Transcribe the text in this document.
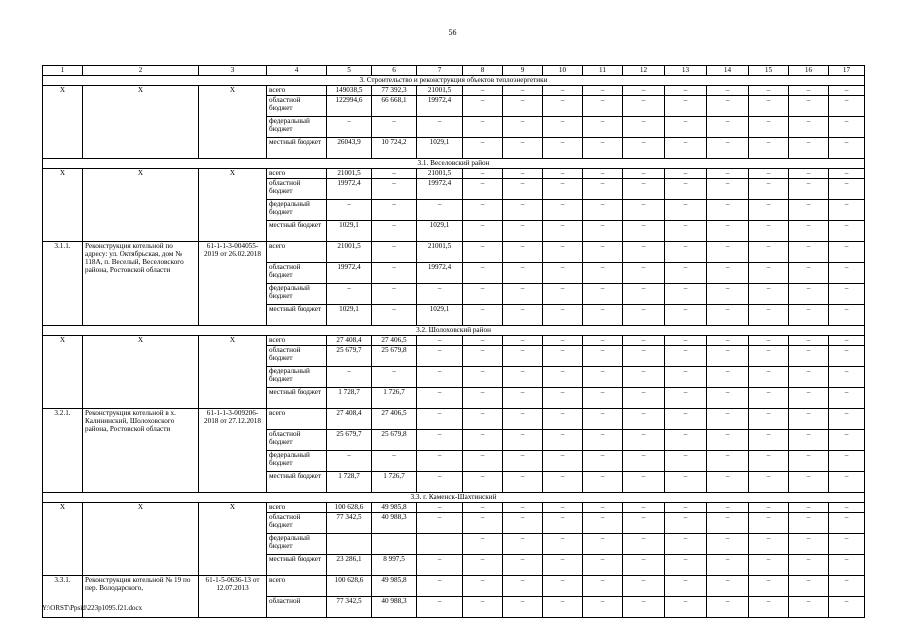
56
1	2	3	4	5	6	7	8	9	10	11	12	13	14	15	16	17
3. Строительство и реконструкция объектов теплоэнергетики																
Х	Х	Х	всего	149038,5	77 392,3	21001,5	–	–	–	–	–	–	–	–	–	–
			областной бюджет	122994,6	66 668,1	19972,4	–	–	–	–	–	–	–	–	–	–
			федеральный бюджет	–	–	–	–	–	–	–	–	–	–	–	–	–
			местный бюджет	26043,9	10 724,2	1029,1	–	–	–	–	–	–	–	–	–	–
3.1. Веселовский район																
Х	Х	Х	всего	21001,5	–	21001,5	–	–	–	–	–	–	–	–	–	–
			областной бюджет	19972,4	–	19972,4	–	–	–	–	–	–	–	–	–	–
			федеральный бюджет	–	–	–	–	–	–	–	–	–	–	–	–	–
			местный бюджет	1029,1	–	1029,1	–	–	–	–	–	–	–	–	–	–
3.1.1.	Реконструкция котельной по адресу: ул. Октябрьская, дом № 118А, п. Веселый, Веселовского района, Ростовской области	61-1-1-3-004055-2019 от 26.02.2018	всего	21001,5	–	21001,5	–	–	–	–	–	–	–	–	–	–
			областной бюджет	19972,4	–	19972,4	–	–	–	–	–	–	–	–	–	–
			федеральный бюджет	–	–	–	–	–	–	–	–	–	–	–	–	–
			местный бюджет	1029,1	–	1029,1	–	–	–	–	–	–	–	–	–	–
3.2. Шолоховский район																
Х	Х	Х	всего	27 408,4	27 406,5	–	–	–	–	–	–	–	–	–	–	–
			областной бюджет	25 679,7	25 679,8	–	–	–	–	–	–	–	–	–	–	–
			федеральный бюджет	–	–	–	–	–	–	–	–	–	–	–	–	–
			местный бюджет	1 728,7	1 726,7	–	–	–	–	–	–	–	–	–	–	–
3.2.1.	Реконструкция котельной в х. Калининский, Шолоховского района, Ростовской области	61-1-1-3-009206-2018 от 27.12.2018	всего	27 408,4	27 406,5	–	–	–	–	–	–	–	–	–	–	–
			областной бюджет	25 679,7	25 679,8	–	–	–	–	–	–	–	–	–	–	–
			федеральный бюджет	–	–	–	–	–	–	–	–	–	–	–	–	–
			местный бюджет	1 728,7	1 726,7	–	–	–	–	–	–	–	–	–	–	–
3.3. г. Каменск-Шахтинский																
Х	Х	Х	всего	100 628,6	49 985,8	–	–	–	–	–	–	–	–	–	–	–
			областной бюджет	77 342,5	40 988,3	–	–	–	–	–	–	–	–	–	–	–
			федеральный бюджет				–	–	–	–	–	–	–	–	–	–
			местный бюджет	23 286,1	8 997,5	–	–	–	–	–	–	–	–	–	–	–
3.3.1.	Реконструкция котельной № 19 по пер. Володарского,	61-1-5-0636-13 от 12.07.2013	всего	100 628,6	49 985,8	–	–	–	–	–	–	–	–	–	–	–
			областной	77 342,5	40 988,3	–	–	–	–	–	–	–	–	–	–	–
Y:\ORST\Ppsid\223p1095.f21.docx
